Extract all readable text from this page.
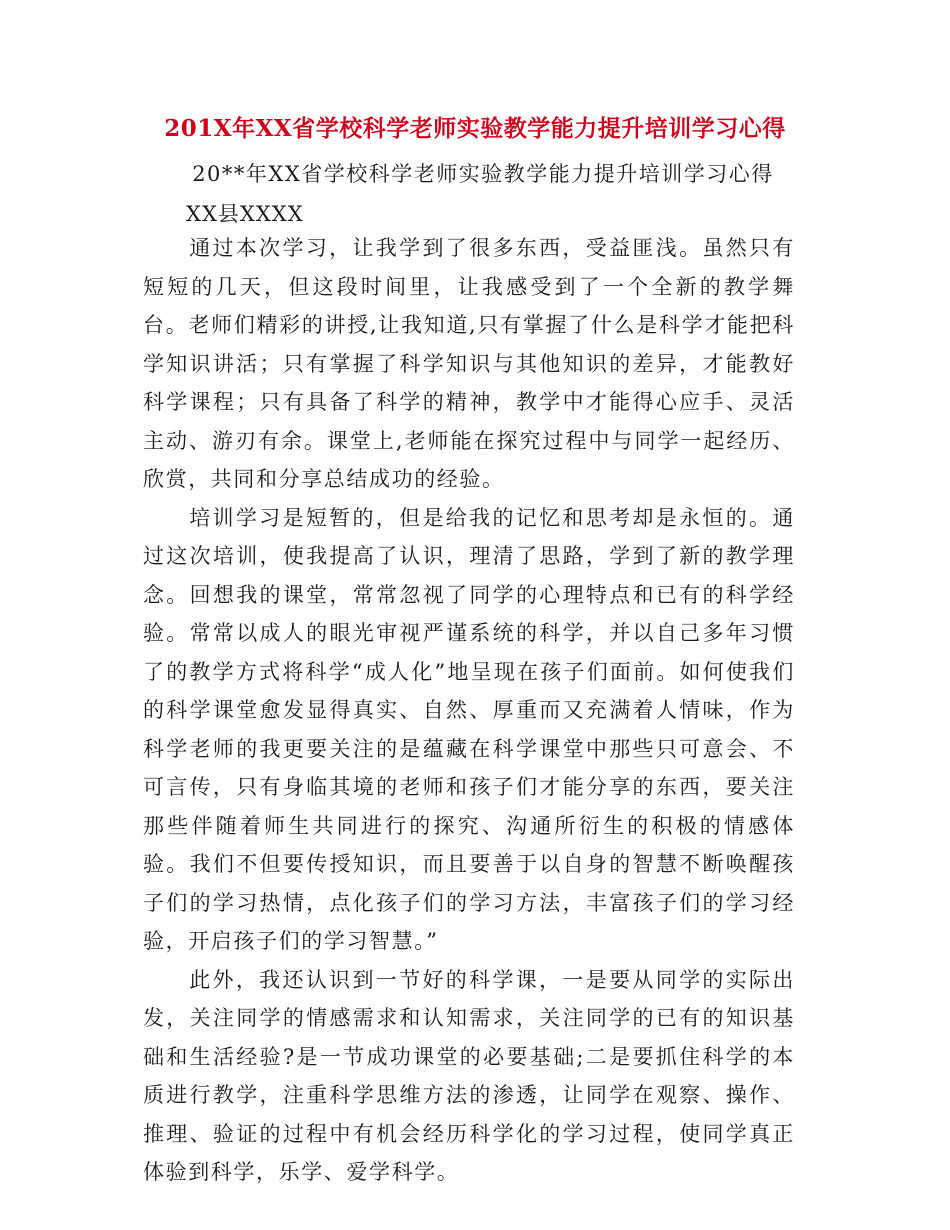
201X年XX省学校科学老师实验教学能力提升培训学习心得
20**年XX省学校科学老师实验教学能力提升培训学习心得
XX县XXXX

通过本次学习，让我学到了很多东西，受益匪浅。虽然只有短短的几天，但这段时间里，让我感受到了一个全新的教学舞台。老师们精彩的讲授,让我知道,只有掌握了什么是科学才能把科学知识讲活；只有掌握了科学知识与其他知识的差异，才能教好科学课程；只有具备了科学的精神，教学中才能得心应手、灵活主动、游刃有余。课堂上,老师能在探究过程中与同学一起经历、欣赏，共同和分享总结成功的经验。

培训学习是短暂的，但是给我的记忆和思考却是永恒的。通过这次培训，使我提高了认识，理清了思路，学到了新的教学理念。回想我的课堂，常常忽视了同学的心理特点和已有的科学经验。常常以成人的眼光审视严谨系统的科学，并以自己多年习惯了的教学方式将科学“成人化”地呈现在孩子们面前。如何使我们的科学课堂愈发显得真实、自然、厚重而又充满着人情味，作为科学老师的我更要关注的是蕴藏在科学课堂中那些只可意会、不可言传，只有身临其境的老师和孩子们才能分享的东西，要关注那些伴随着师生共同进行的探究、沟通所衍生的积极的情感体验。我们不但要传授知识，而且要善于以自身的智慧不断唤醒孩子们的学习热情，点化孩子们的学习方法，丰富孩子们的学习经验，开启孩子们的学习智慧。”

此外，我还认识到一节好的科学课，一是要从同学的实际出发，关注同学的情感需求和认知需求，关注同学的已有的知识基础和生活经验?是一节成功课堂的必要基础;二是要抓住科学的本质进行教学，注重科学思维方法的渗透，让同学在观察、操作、推理、验证的过程中有机会经历科学化的学习过程，使同学真正体验到科学，乐学、爱学科学。
